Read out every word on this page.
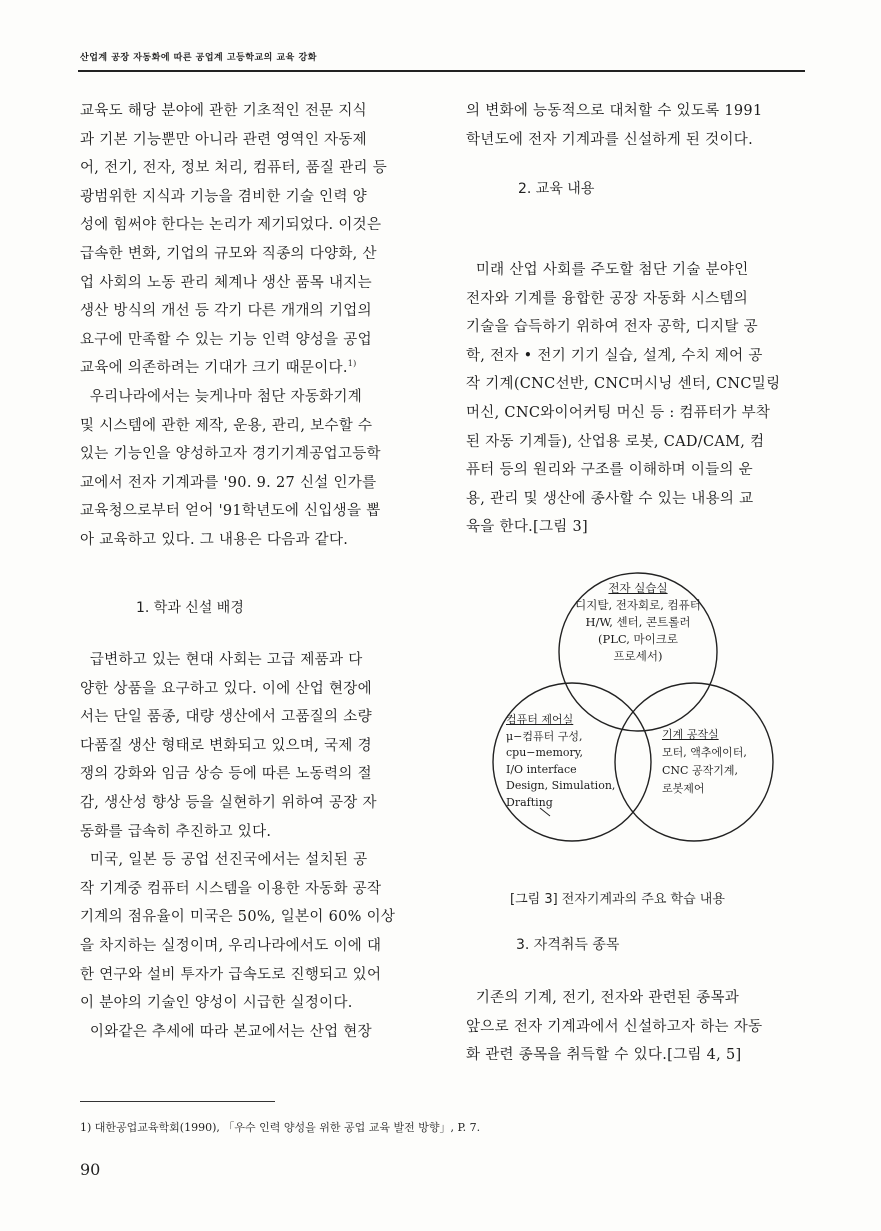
산업계 공장 자동화에 따른 공업계 고등학교의 교육 강화

교육도 해당 분야에 관한 기초적인 전문 지식
과 기본 기능뿐만 아니라 관련 영역인 자동제
어, 전기, 전자, 정보 처리, 컴퓨터, 품질 관리 등
광범위한 지식과 기능을 겸비한 기술 인력 양
성에 힘써야 한다는 논리가 제기되었다. 이것은
급속한 변화, 기업의 규모와 직종의 다양화, 산
업 사회의 노동 관리 체계나 생산 품목 내지는
생산 방식의 개선 등 각기 다른 개개의 기업의
요구에 만족할 수 있는 기능 인력 양성을 공업
교육에 의존하려는 기대가 크기 때문이다.$^{1)}$

우리나라에서는 늦게나마 첨단 자동화기계
및 시스템에 관한 제작, 운용, 관리, 보수할 수
있는 기능인을 양성하고자 경기기계공업고등학
교에서 전자 기계과를 '90. 9. 27 신설 인가를
교육청으로부터 얻어 '91학년도에 신입생을 뽑
아 교육하고 있다. 그 내용은 다음과 같다.

1. 학과 신설 배경

급변하고 있는 현대 사회는 고급 제품과 다
양한 상품을 요구하고 있다. 이에 산업 현장에
서는 단일 품종, 대량 생산에서 고품질의 소량
다품질 생산 형태로 변화되고 있으며, 국제 경
쟁의 강화와 임금 상승 등에 따른 노동력의 절
감, 생산성 향상 등을 실현하기 위하여 공장 자
동화를 급속히 추진하고 있다.

미국, 일본 등 공업 선진국에서는 설치된 공
작 기계중 컴퓨터 시스템을 이용한 자동화 공작
기계의 점유율이 미국은 50%, 일본이 60% 이상
을 차지하는 실정이며, 우리나라에서도 이에 대
한 연구와 설비 투자가 급속도로 진행되고 있어
이 분야의 기술인 양성이 시급한 실정이다.

이와같은 추세에 따라 본교에서는 산업 현장

의 변화에 능동적으로 대처할 수 있도록 1991
학년도에 전자 기계과를 신설하게 된 것이다.

2. 교육 내용

미래 산업 사회를 주도할 첨단 기술 분야인
전자와 기계를 융합한 공장 자동화 시스템의
기술을 습득하기 위하여 전자 공학, 디지탈 공
학, 전자 • 전기 기기 실습, 설계, 수치 제어 공
작 기계(CNC선반, CNC머시닝 센터, CNC밀링
머신, CNC와이어커팅 머신 등 : 컴퓨터가 부착
된 자동 기계들), 산업용 로봇, CAD/CAM, 컴
퓨터 등의 원리와 구조를 이해하며 이들의 운
용, 관리 및 생산에 종사할 수 있는 내용의 교
육을 한다.[그림 3]

전자 실습실
디지탈, 전자회로, 컴퓨터
H/W, 센터, 콘트롤러
(PLC, 마이크로
프로세서)
컴퓨터 제어실
μ−컴퓨터 구성,
cpu−memory,
I/O interface
Design, Simulation,
Drafting
기계 공작실
모터, 액추에이터,
CNC 공작기계,
로봇제어
[그림 3] 전자기계과의 주요 학습 내용
3. 자격취득 종목

기존의 기계, 전기, 전자와 관련된 종목과
앞으로 전자 기계과에서 신설하고자 하는 자동
화 관련 종목을 취득할 수 있다.[그림 4, 5]

1) 대한공업교육학회(1990), 「우수 인력 양성을 위한 공업 교육 발전 방향」, P. 7.
90
